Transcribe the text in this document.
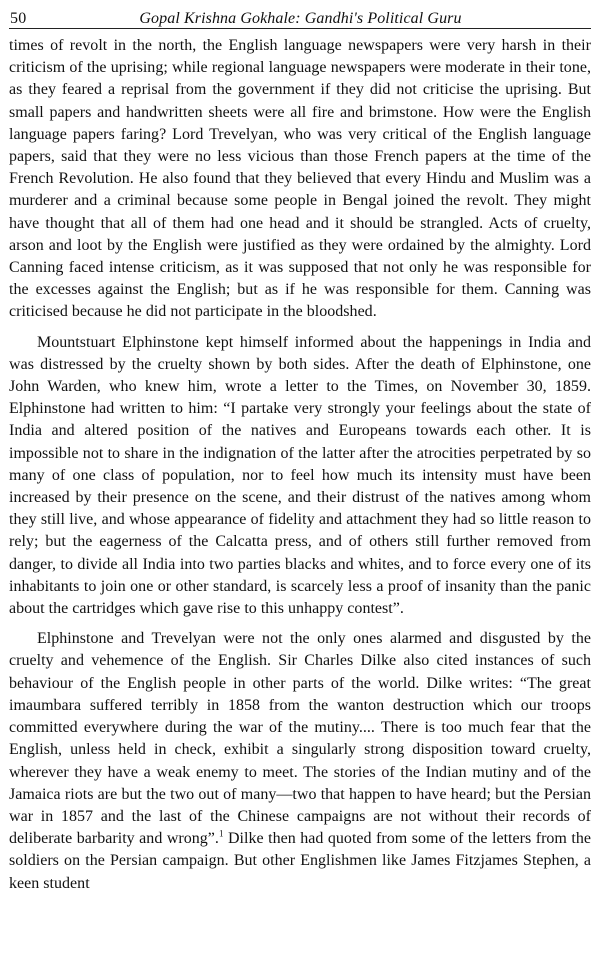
50	Gopal Krishna Gokhale: Gandhi's Political Guru

times of revolt in the north, the English language newspapers were very harsh in their criticism of the uprising; while regional language newspapers were moderate in their tone, as they feared a reprisal from the government if they did not criticise the uprising. But small papers and handwritten sheets were all fire and brimstone. How were the English language papers faring? Lord Trevelyan, who was very critical of the English language papers, said that they were no less vicious than those French papers at the time of the French Revolution. He also found that they believed that every Hindu and Muslim was a murderer and a criminal because some people in Bengal joined the revolt. They might have thought that all of them had one head and it should be strangled. Acts of cruelty, arson and loot by the English were justified as they were ordained by the almighty. Lord Canning faced intense criticism, as it was supposed that not only he was responsible for the excesses against the English; but as if he was responsible for them. Canning was criticised because he did not participate in the bloodshed.

Mountstuart Elphinstone kept himself informed about the happenings in India and was distressed by the cruelty shown by both sides. After the death of Elphinstone, one John Warden, who knew him, wrote a letter to the Times, on November 30, 1859. Elphinstone had written to him: “I partake very strongly your feelings about the state of India and altered position of the natives and Europeans towards each other. It is impossible not to share in the indignation of the latter after the atrocities perpetrated by so many of one class of population, nor to feel how much its intensity must have been increased by their presence on the scene, and their distrust of the natives among whom they still live, and whose appearance of fidelity and attachment they had so little reason to rely; but the eagerness of the Calcatta press, and of others still further removed from danger, to divide all India into two parties blacks and whites, and to force every one of its inhabitants to join one or other standard, is scarcely less a proof of insanity than the panic about the cartridges which gave rise to this unhappy contest”.

Elphinstone and Trevelyan were not the only ones alarmed and disgusted by the cruelty and vehemence of the English. Sir Charles Dilke also cited instances of such behaviour of the English people in other parts of the world. Dilke writes: “The great imaumbara suffered terribly in 1858 from the wanton destruction which our troops committed everywhere during the war of the mutiny.... There is too much fear that the English, unless held in check, exhibit a singularly strong disposition toward cruelty, wherever they have a weak enemy to meet. The stories of the Indian mutiny and of the Jamaica riots are but the two out of many—two that happen to have heard; but the Persian war in 1857 and the last of the Chinese campaigns are not without their records of deliberate barbarity and wrong”.$^1$ Dilke then had quoted from some of the letters from the soldiers on the Persian campaign. But other Englishmen like James Fitzjames Stephen, a keen student
